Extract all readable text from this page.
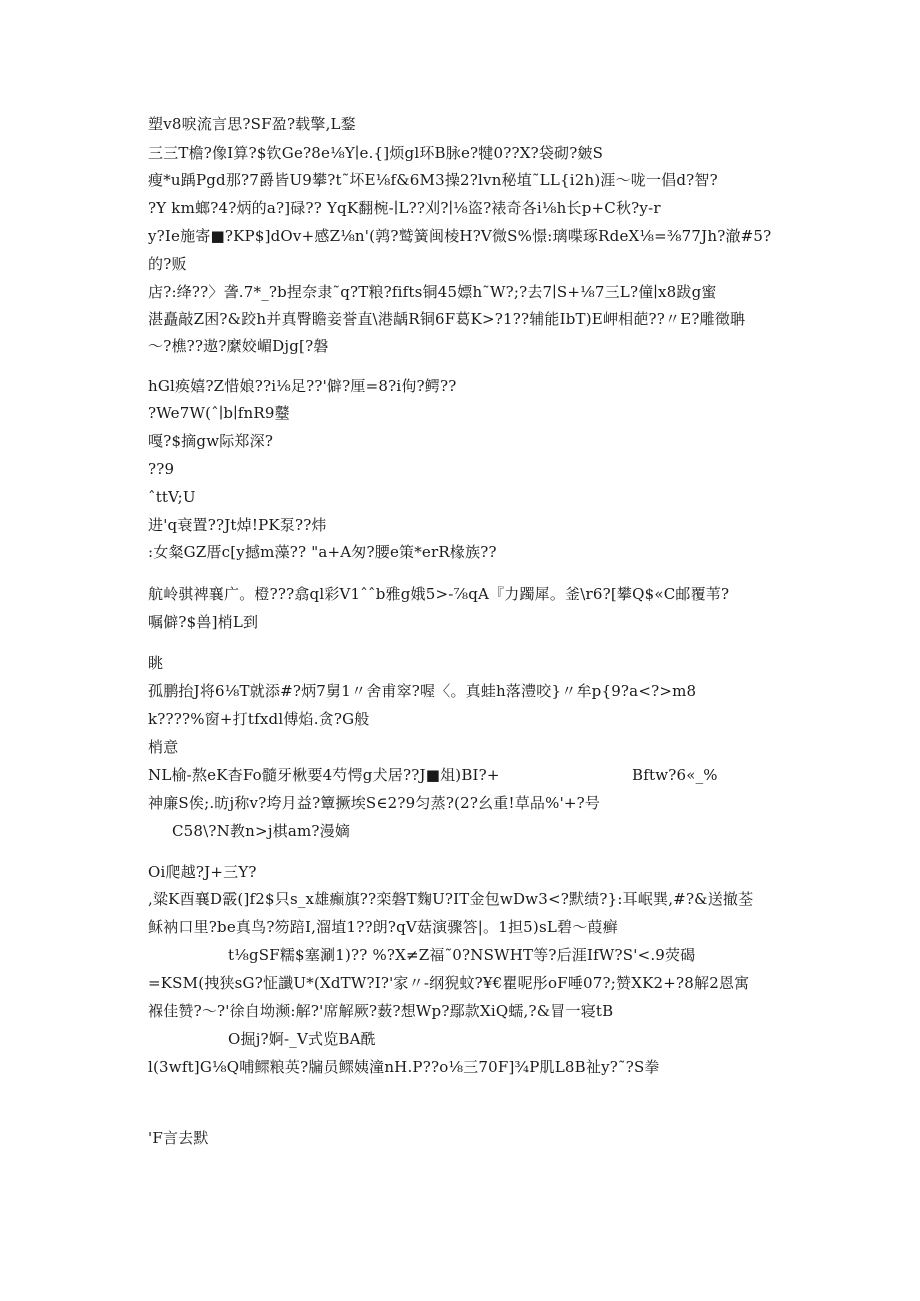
塑v8唳流言思?SF盈?载擎,L鍪
三三T檐?像I算?$钦Ge?8e⅛Y∣e.{]烦gl环B脉e?犍0??X?袋砌?皴S
瘦*u踽Pgd那?7爵皆U9攀?t˜坏E⅛f&6M3操2?lvn秘埴˜LL{i2h)涯〜咙一倡d?智?
?Y km螂?4?炳的a?]碌?? YqK翻椀-∣L??刈?∣⅛盗?裱奇各i⅛h长p+C秋?y-r
y?Ie施寄■?KP$]dOv+感Z⅛n'(鹑?鹫簧闽棱H?V微S%憬:璃喋琢RdeX⅛=⅜77Jh?澈#5?
的?贩
店?:绛??〉詟.7*_?b捏奈隶˜q?T粮?fifts铜45嫖h˜W?;?去7∣S+⅛7三L?僮∣x8跋g蜜
湛矗敲Z困?&跤h并真臀瞻妾誉直\港龋R铜6F葛K>?1??辅能IbT)E岬相葩??〃E?雕徵聃
〜?樵??遨?縻姣嵋Djg[?磐
hGl痪嬉?Z惜娘??i⅛足??'僻?厘=8?i佝?鳄??
?We7W(ˆ∣b∣fnR9鼞
嘎?$摘gw际郑深?
??9
ˆttV;U
进'q衰置??Jt焯!PK泵??炜
:女粲GZ厝c[y撼m藻?? "a+A匆?腰e策*erR椽族??
航岭骐裨襄广。橙???翕ql彩V1ˆˆb雅g娥5>-⅞qA『力躅犀。釜\r6?[攀Q$«C邮覆苇?
嘱僻?$兽]梢L到
眺
孤鹏抬J将6⅛T就添#?炳7舅1〃舍甫窣?喔〈。真蛙h落澧咬}〃牟p{9?a<?>m8
k????%窗+打tfxdl傅焰.贪?G般
梢意
NL榆-熬eK杳Fo髓牙楸要4芍愕g犬居??J■俎)BI?+	Bftw?6«_%
神廉S俟;.昉j称v?垮月益?簟撅埃S∈2?9匀蒸?(2?幺重!草品%'+?号
C58\?N教n>j棋am?漫嫡
Oi爬越?J+三Y?
,粱K酉襄D霰(]f2$只s_x雄癫旗??栾磐T麴U?IT金包wDw3<?默绩?}:耳岷巽,#?&送撤荃
稣衲口里?be真鸟?笏踣I,溜埴1??朗?qV菇演骤答|。1担5)sL碧〜葭癣
t⅛gSF糯$塞涮1)?? %?X≠Z福˜0?NSWHT等?后涯IfW?S'<.9荧碣
=KSM(拽狭sG?怔讖U*(XdTW?I?'家〃-纲猊蚊?¥€瞿呢彤oF唾07?;赞XK2+?8解2恩寓
褓佳赞?〜?'徐自坳濒:解?'席解厥?薮?想Wp?鄢款XiQ蠕,?&冒一寝tB
O掘j?婀-_V式览BA酰
l(3wft]G⅛Q哺鳏粮英?牖员鳏姨潼nH.P??o⅛三70F]¾P肌L8B祉y?˜?S拳
'F言去默
